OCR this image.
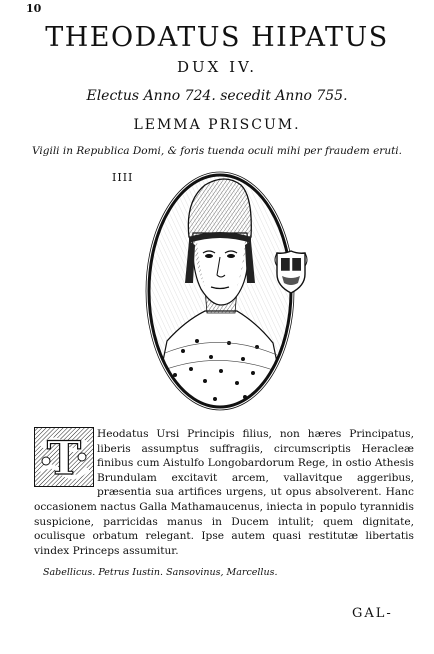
10
THEODATUS HIPATUS
DUX IV.
Electus Anno 724. secedit Anno 755.
LEMMA PRISCUM.
Vigili in Republica Domi, & foris tuenda oculi mihi per fraudem eruti.
IIII
T Heodatus Ursi Principis filius, non hæres Principatus, liberis assumptus suffragiis, circumscriptis Heracleæ finibus cum Aistulfo Longobardorum Rege, in ostio Athesis Brundulam excitavit arcem, vallavitque aggeribus, præsentia sua artifices urgens, ut opus absolverent. Hanc occasionem nactus Galla Mathamaucenus, iniecta in populo tyrannidis suspicione, parricidas manus in Ducem intulit; quem dignitate, oculisque orbatum relegant. Ipse autem quasi restitutæ libertatis vindex Princeps assumitur.
Sabellicus. Petrus Iustin. Sansovinus, Marcellus.
GAL-
